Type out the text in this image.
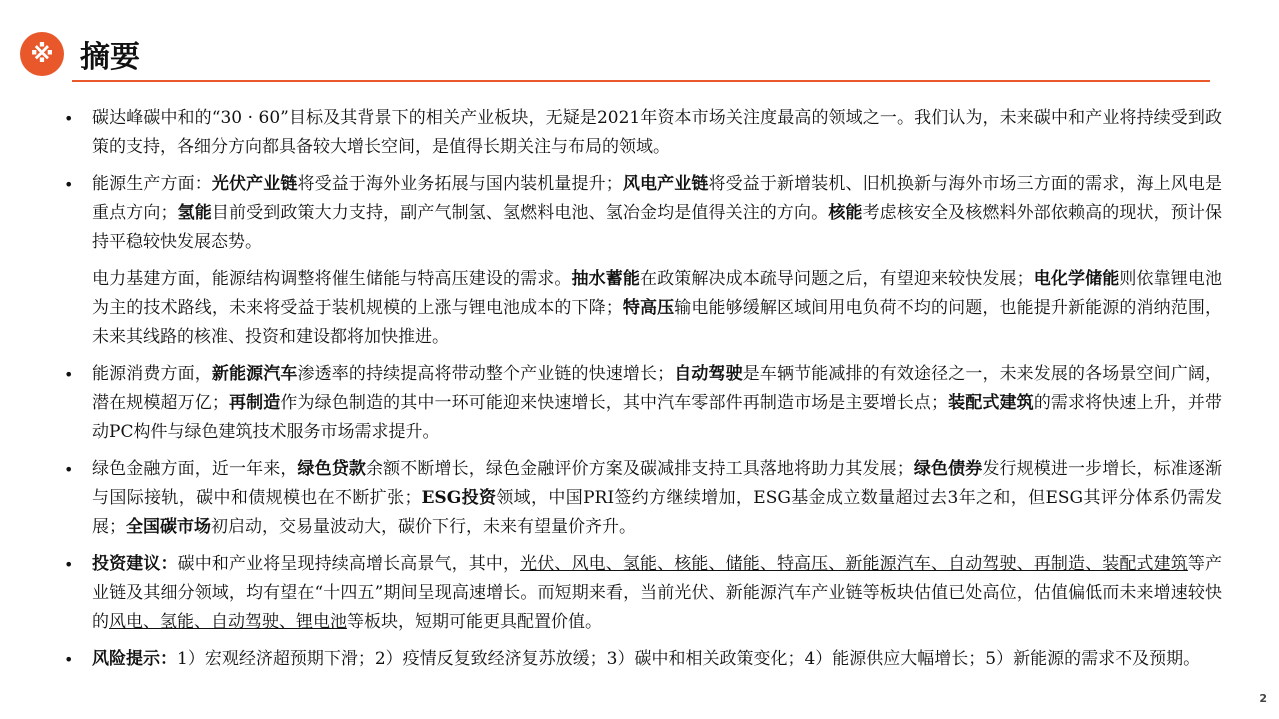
※ 摘要

• 碳达峰碳中和的“30 · 60”目标及其背景下的相关产业板块，无疑是2021年资本市场关注度最高的领域之一。我们认为，未来碳中和产业将持续受到政策的支持，各细分方向都具备较大增长空间，是值得长期关注与布局的领域。

• 能源生产方面：光伏产业链将受益于海外业务拓展与国内装机量提升；风电产业链将受益于新增装机、旧机换新与海外市场三方面的需求，海上风电是重点方向；氢能目前受到政策大力支持，副产气制氢、氢燃料电池、氢冶金均是值得关注的方向。核能考虑核安全及核燃料外部依赖高的现状，预计保持平稳较快发展态势。

电力基建方面，能源结构调整将催生储能与特高压建设的需求。抽水蓄能在政策解决成本疏导问题之后，有望迎来较快发展；电化学储能则依靠锂电池为主的技术路线，未来将受益于装机规模的上涨与锂电池成本的下降；特高压输电能够缓解区域间用电负荷不均的问题，也能提升新能源的消纳范围，未来其线路的核准、投资和建设都将加快推进。

• 能源消费方面，新能源汽车渗透率的持续提高将带动整个产业链的快速增长；自动驾驶是车辆节能减排的有效途径之一，未来发展的各场景空间广阔，潜在规模超万亿；再制造作为绿色制造的其中一环可能迎来快速增长，其中汽车零部件再制造市场是主要增长点；装配式建筑的需求将快速上升，并带动PC构件与绿色建筑技术服务市场需求提升。

• 绿色金融方面，近一年来，绿色贷款余额不断增长，绿色金融评价方案及碳减排支持工具落地将助力其发展；绿色债券发行规模进一步增长，标准逐渐与国际接轨，碳中和债规模也在不断扩张；ESG投资领域，中国PRI签约方继续增加，ESG基金成立数量超过去3年之和，但ESG其评分体系仍需发展；全国碳市场初启动，交易量波动大，碳价下行，未来有望量价齐升。

• 投资建议：碳中和产业将呈现持续高增长高景气，其中，光伏、风电、氢能、核能、储能、特高压、新能源汽车、自动驾驶、再制造、装配式建筑等产业链及其细分领域，均有望在“十四五”期间呈现高速增长。而短期来看，当前光伏、新能源汽车产业链等板块估值已处高位，估值偏低而未来增速较快的风电、氢能、自动驾驶、锂电池等板块，短期可能更具配置价值。

• 风险提示：1）宏观经济超预期下滑；2）疫情反复致经济复苏放缓；3）碳中和相关政策变化；4）能源供应大幅增长；5）新能源的需求不及预期。

2
